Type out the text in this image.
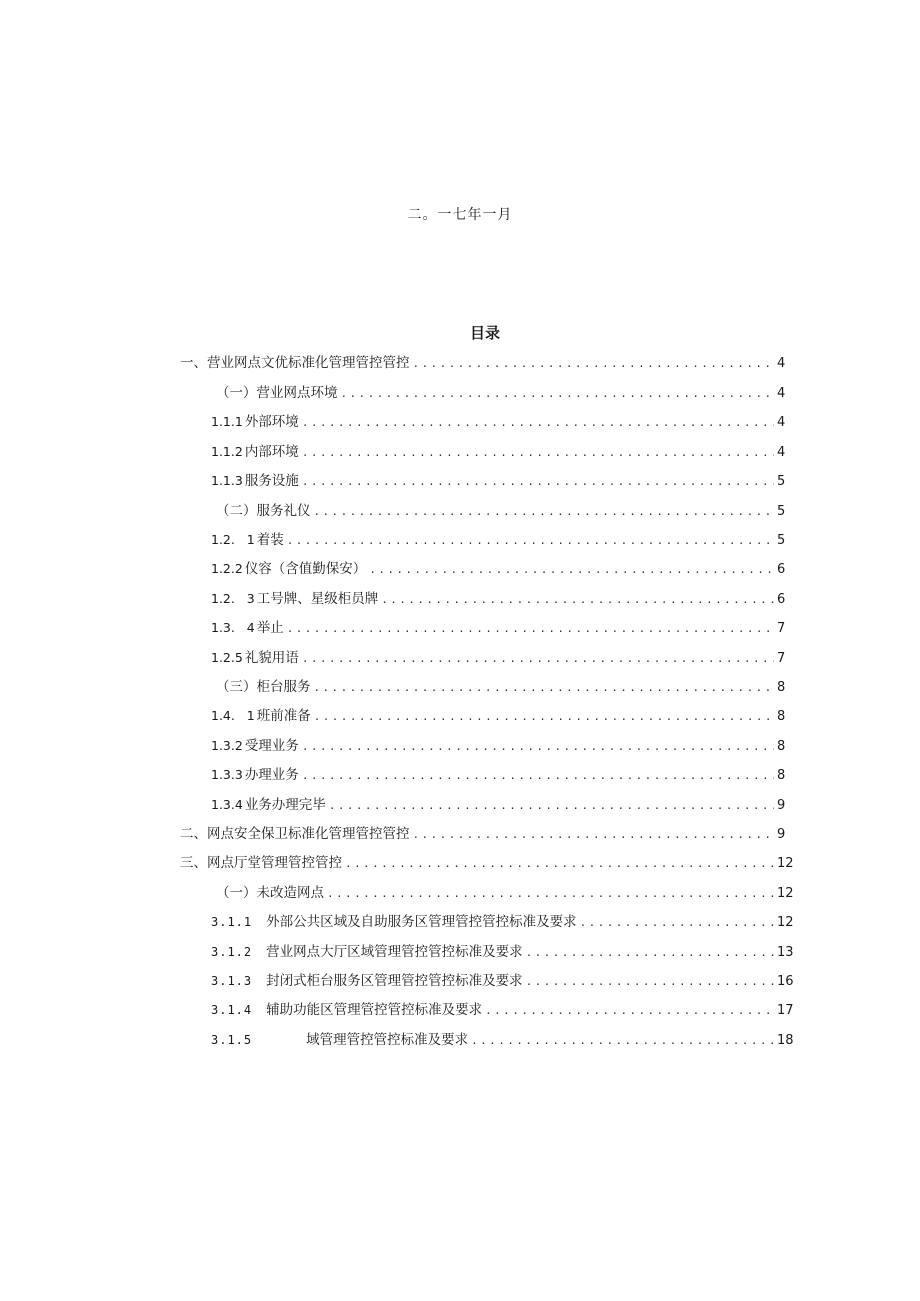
二。一七年一月
目录
一、营业网点文优标准化管理管控管控 .....	4
（一）营业网点环境 .....	4
1.1.1 外部环境 .....	4
1.1.2 内部环境 .....	4
1.1.3 服务设施 .....	5
（二）服务礼仪 .....	5
1.2.   1 着装 .....	5
1.2.2 仪容（含值勤保安） .....	6
1.2.   3 工号牌、星级柜员牌 .....	6
1.3.   4 举止 .....	7
1.2.5 礼貌用语 .....	7
（三）柜台服务 .....	8
1.4.   1 班前准备 .....	8
1.3.2 受理业务 .....	8
1.3.3 办理业务 .....	8
1.3.4 业务办理完毕 .....	9
二、网点安全保卫标准化管理管控管控 .....	9
三、网点厅堂管理管控管控 .....	12
（一）未改造网点 .....	12
3.1.1 外部公共区域及自助服务区管理管控管控标准及要求 .....	12
3.1.2 营业网点大厅区域管理管控管控标准及要求 .....	13
3.1.3 封闭式柜台服务区管理管控管控标准及要求 .....	16
3.1.4 辅助功能区管理管控管控标准及要求 .....	17
3.1.5	域管理管控管控标准及要求 .....	18
